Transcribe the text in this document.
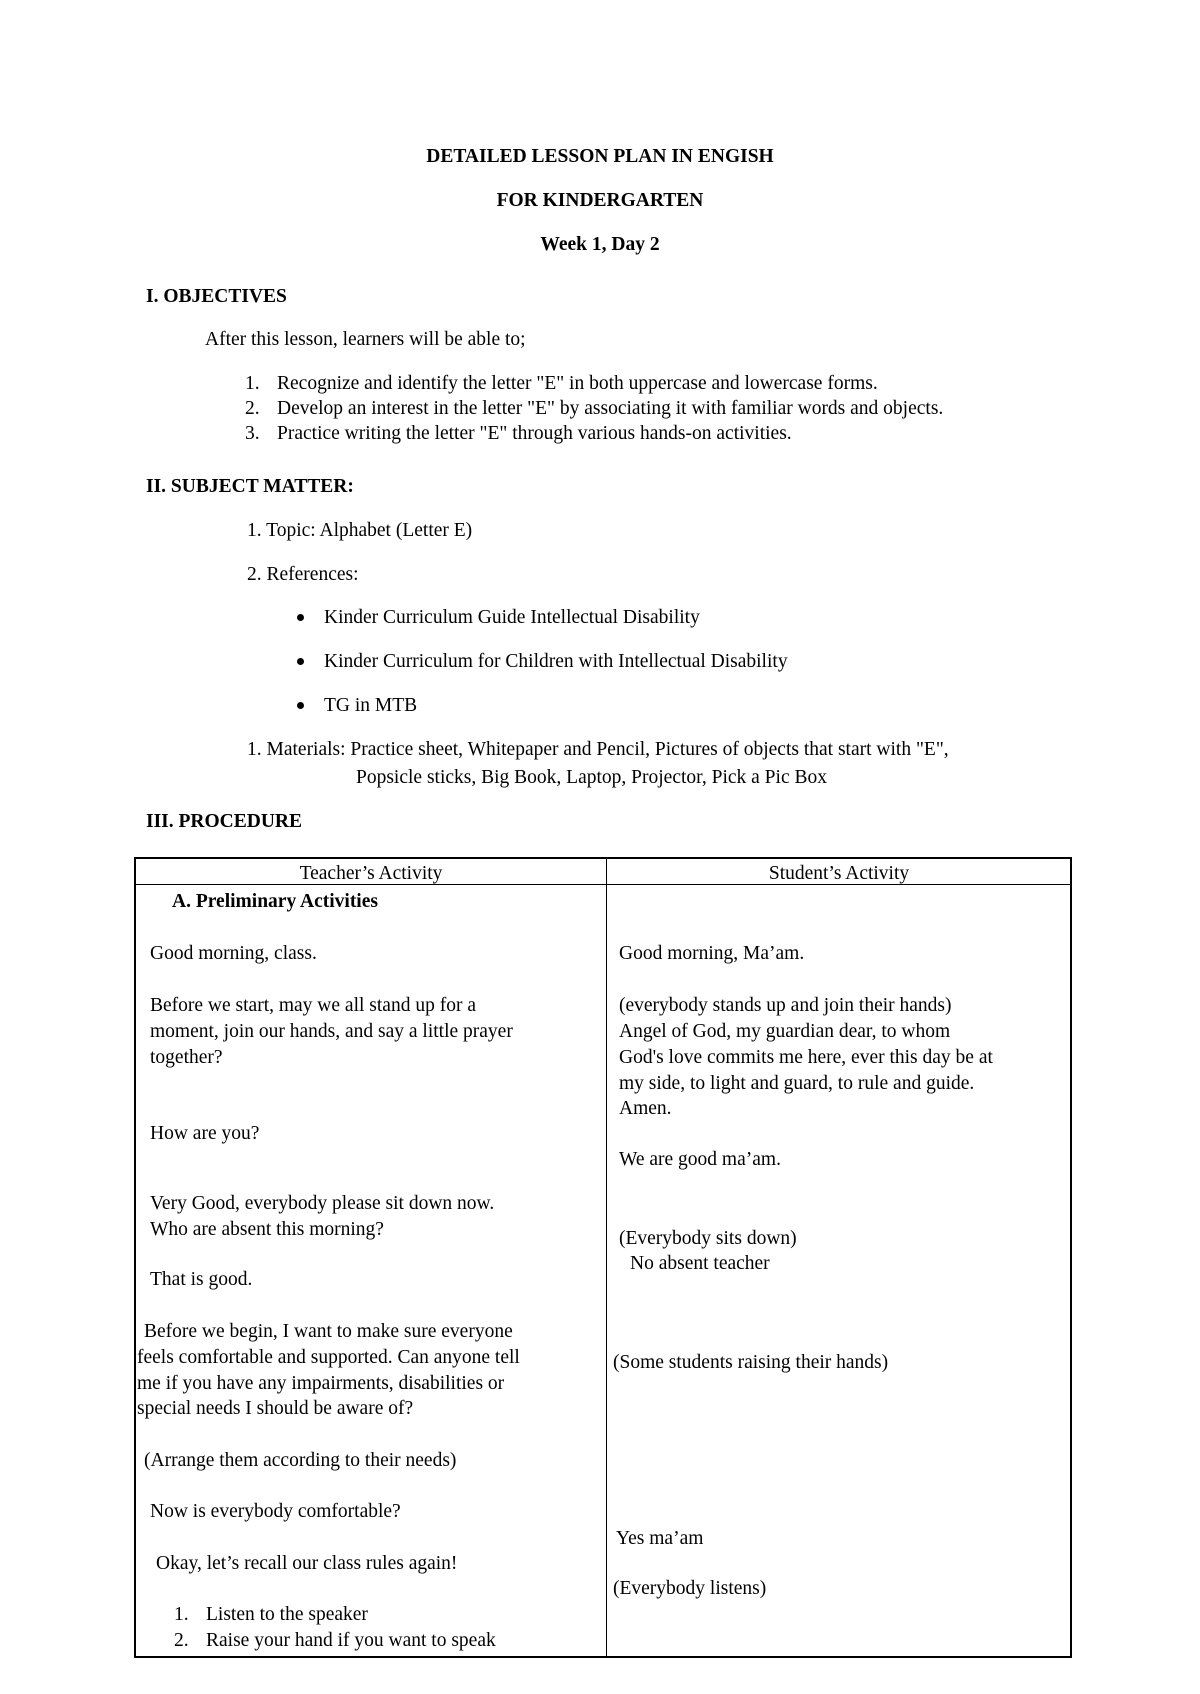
DETAILED LESSON PLAN IN ENGISH
FOR KINDERGARTEN
Week 1, Day 2
I. OBJECTIVES
After this lesson, learners will be able to;
1. Recognize and identify the letter "E" in both uppercase and lowercase forms.
2. Develop an interest in the letter "E" by associating it with familiar words and objects.
3. Practice writing the letter "E" through various hands-on activities.
II. SUBJECT MATTER:
1. Topic: Alphabet (Letter E)
2. References:
Kinder Curriculum Guide Intellectual Disability
Kinder Curriculum for Children with Intellectual Disability
TG in MTB
1. Materials: Practice sheet, Whitepaper and Pencil, Pictures of objects that start with "E",
Popsicle sticks, Big Book, Laptop, Projector, Pick a Pic Box
III. PROCEDURE
Teacher’s Activity	Student’s Activity
A. Preliminary Activities
Good morning, class.
Before we start, may we all stand up for a
moment, join our hands, and say a little prayer
together?
How are you?
Very Good, everybody please sit down now.
Who are absent this morning?
That is good.
Before we begin, I want to make sure everyone
feels comfortable and supported. Can anyone tell
me if you have any impairments, disabilities or
special needs I should be aware of?
(Arrange them according to their needs)
Now is everybody comfortable?
Okay, let’s recall our class rules again!
1. Listen to the speaker
2. Raise your hand if you want to speak
Good morning, Ma’am.
(everybody stands up and join their hands)
Angel of God, my guardian dear, to whom
God's love commits me here, ever this day be at
my side, to light and guard, to rule and guide.
Amen.
We are good ma’am.
(Everybody sits down)
No absent teacher
(Some students raising their hands)
Yes ma’am
(Everybody listens)
